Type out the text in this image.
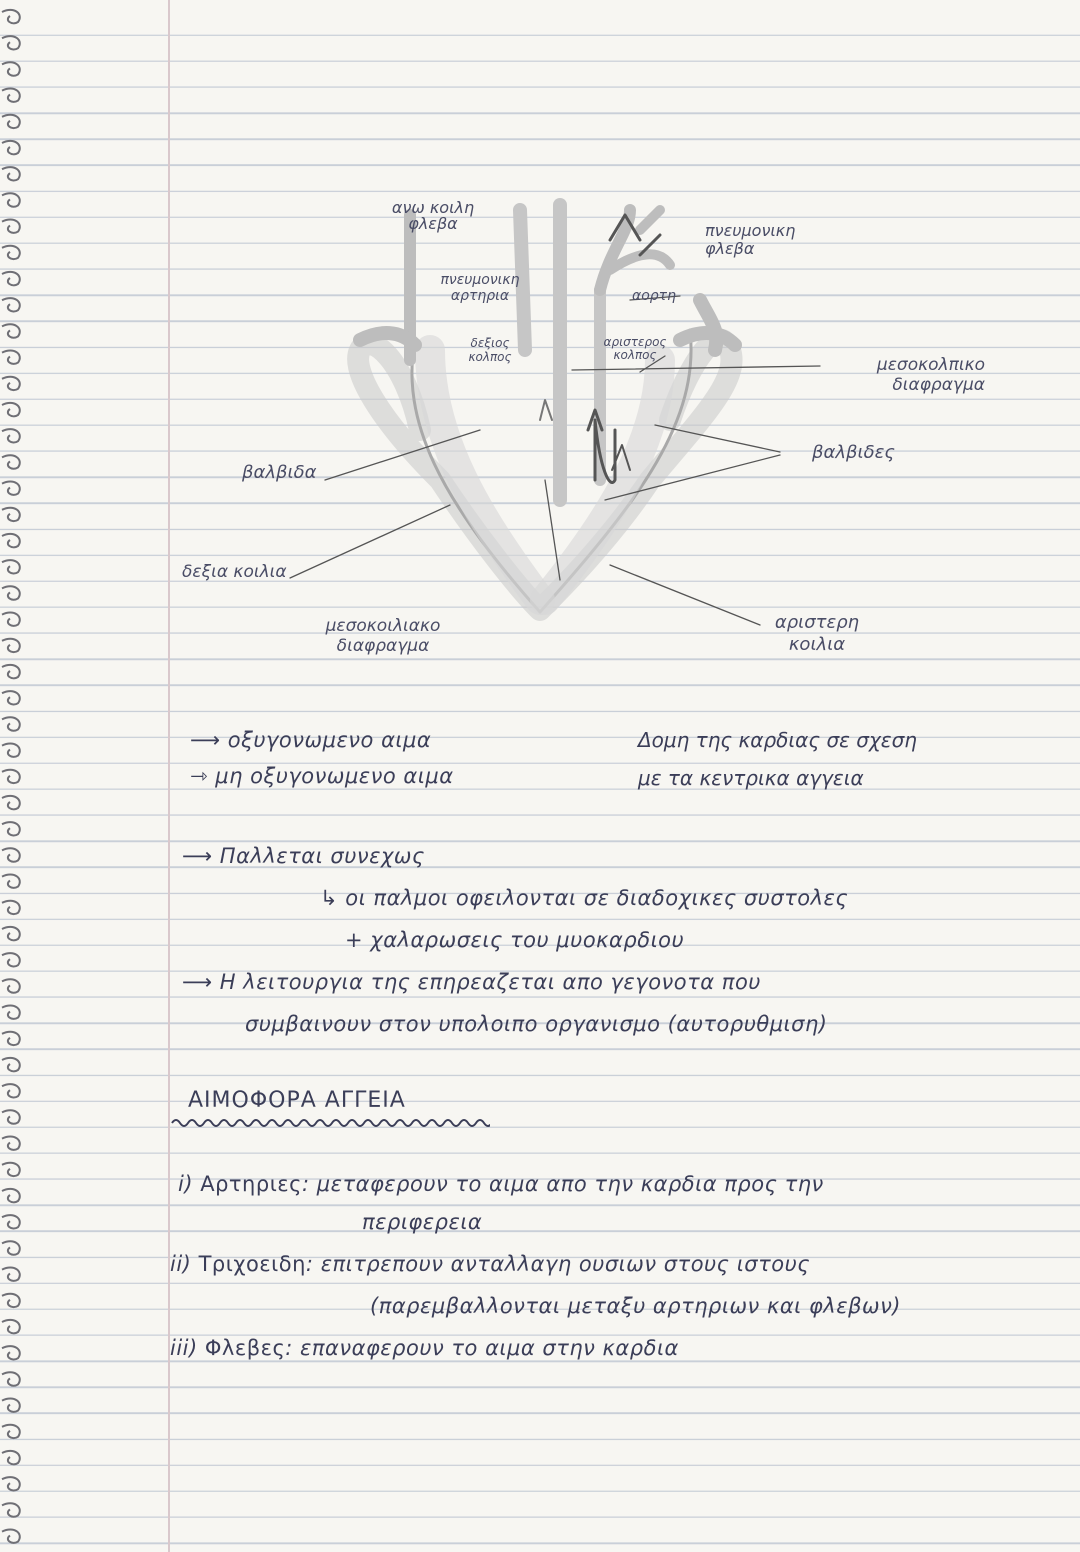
ανω κοιλη φλεβα
πνευμονικη αρτηρια
δεξιος κολπος
αορτη
αριστερος κολπος
πνευμονικη φλεβα
μεσοκολπικο διαφραγμα
βαλβιδες
βαλβιδα
δεξια κοιλια
μεσοκοιλιακο διαφραγμα
αριστερη κοιλια
⟶ οξυγονωμενο αιμα
⇾ μη οξυγονωμενο αιμα
Δομη της καρδιας σε σχεση
με τα κεντρικα αγγεια
⟶ Παλλεται συνεχως
↳ οι παλμοι οφειλονται σε διαδοχικες συστολες
+ χαλαρωσεις του μυοκαρδιου
⟶ Η λειτουργια της επηρεαζεται απο γεγονοτα που
συμβαινουν στον υπολοιπο οργανισμο (αυτορυθμιση)
ΑΙΜΟΦΟΡΑ ΑΓΓΕΙΑ
i) Αρτηριες: μεταφερουν το αιμα απο την καρδια προς την
περιφερεια
ii) Τριχοειδη: επιτρεπουν ανταλλαγη ουσιων στους ιστους
(παρεμβαλλονται μεταξυ αρτηριων και φλεβων)
iii) Φλεβες: επαναφερουν το αιμα στην καρδια
